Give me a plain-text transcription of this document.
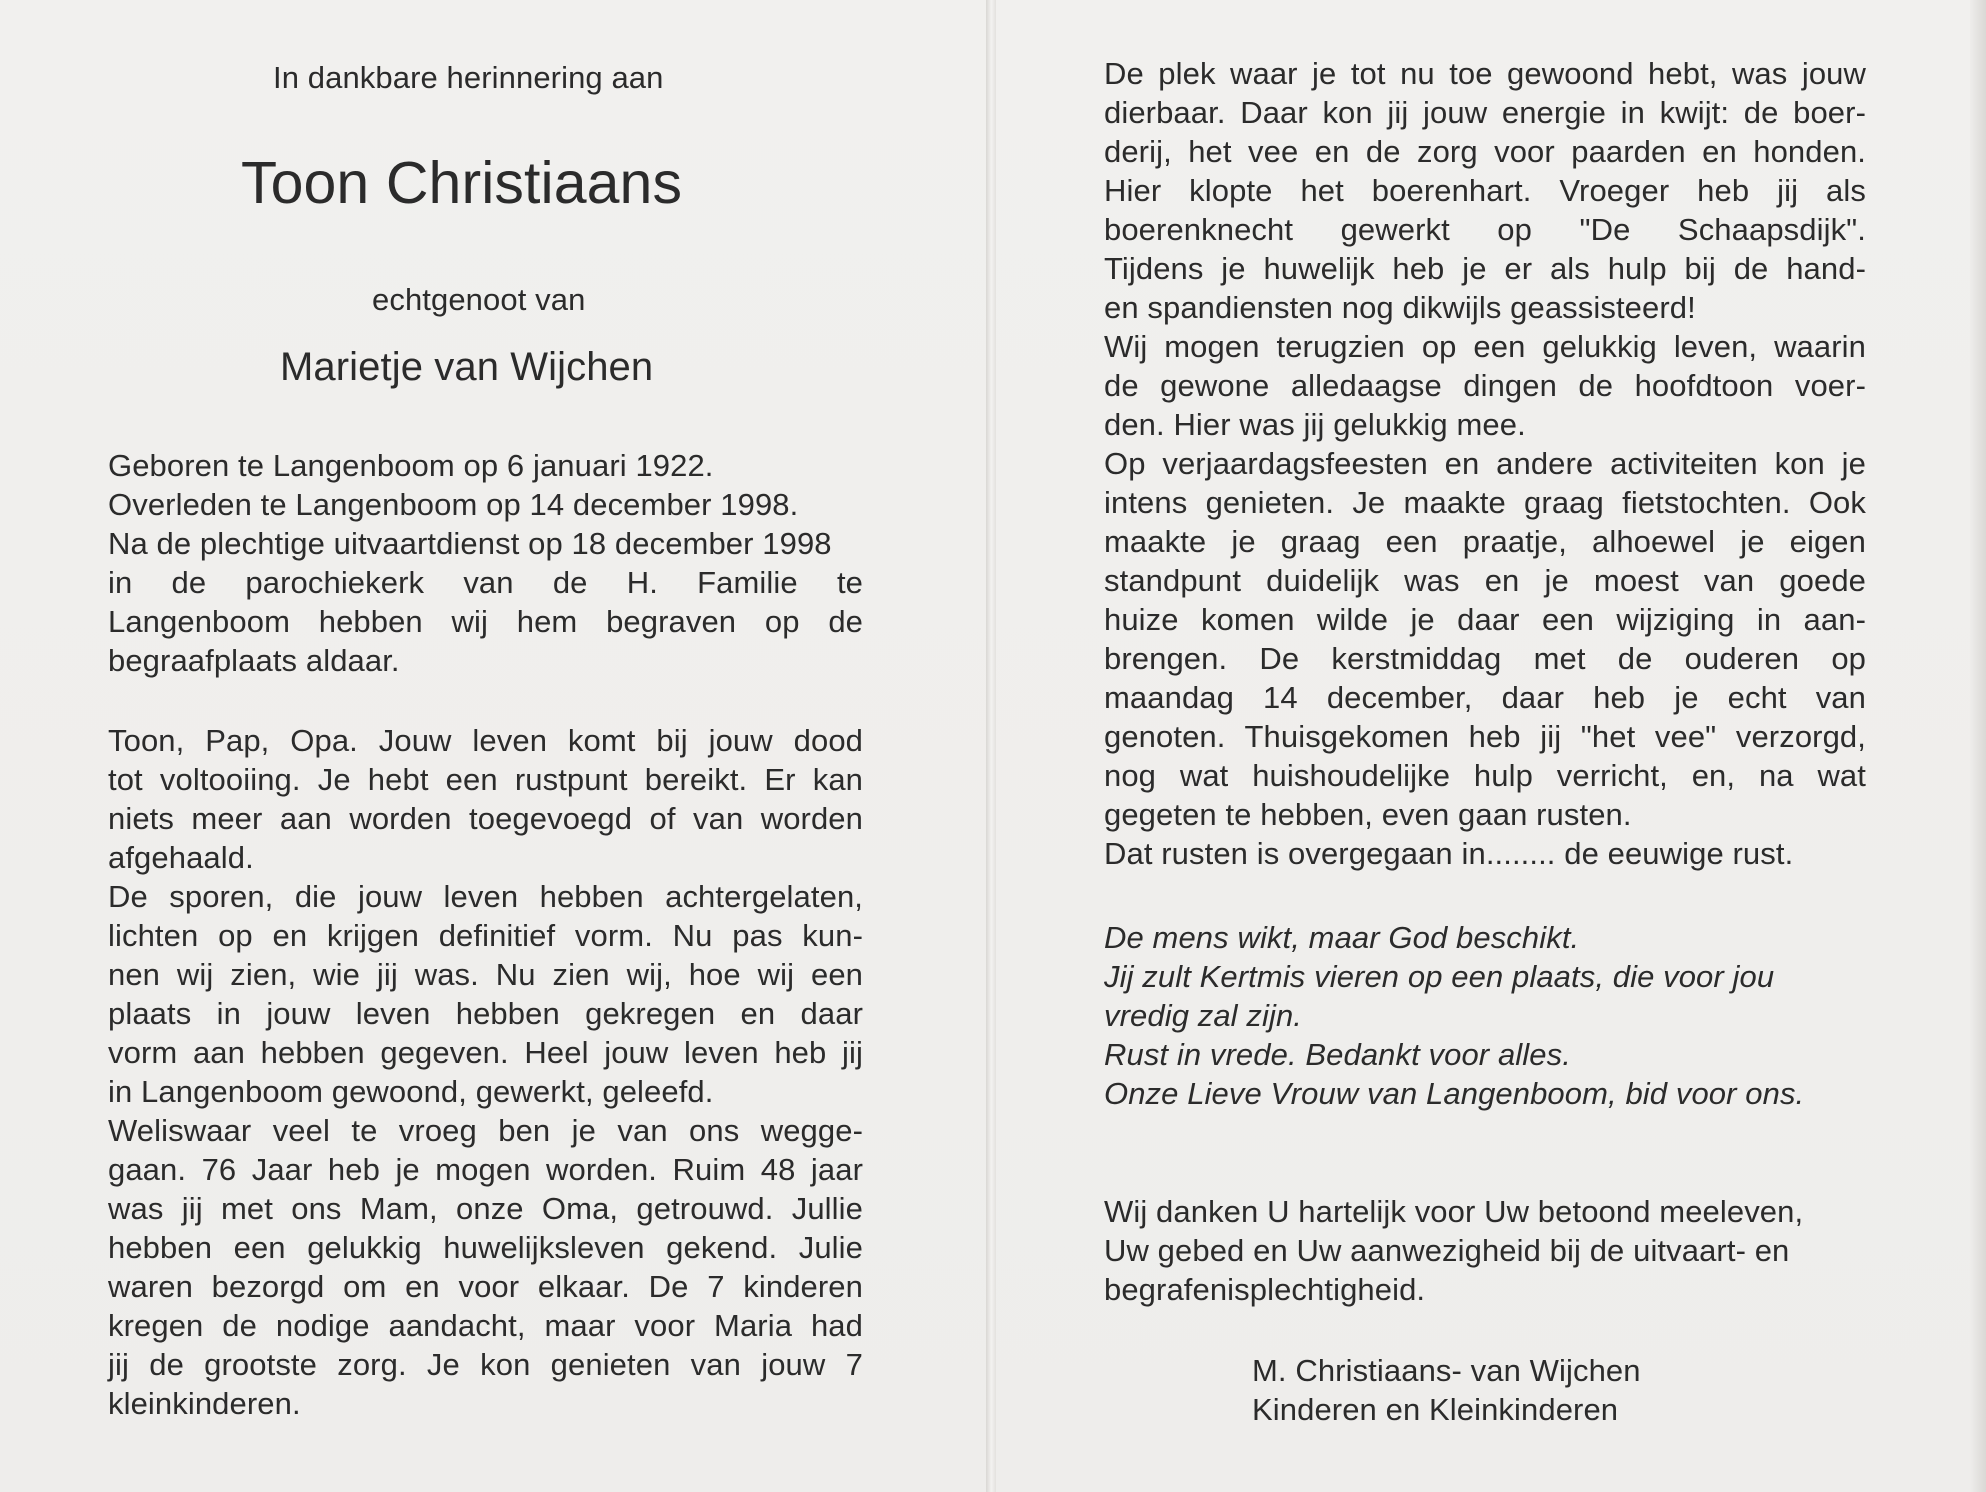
In dankbare herinnering aan
Toon Christiaans
echtgenoot van
Marietje van Wijchen
Geboren te Langenboom op 6 januari 1922.
Overleden te Langenboom op 14 december 1998.
Na de plechtige uitvaartdienst op 18 december 1998
in de parochiekerk van de H. Familie te
Langenboom hebben wij hem begraven op de
begraafplaats aldaar.
Toon, Pap, Opa. Jouw leven komt bij jouw dood
tot voltooiing. Je hebt een rustpunt bereikt. Er kan
niets meer aan worden toegevoegd of van worden
afgehaald.
De sporen, die jouw leven hebben achtergelaten,
lichten op en krijgen definitief vorm. Nu pas kun-
nen wij zien, wie jij was. Nu zien wij, hoe wij een
plaats in jouw leven hebben gekregen en daar
vorm aan hebben gegeven. Heel jouw leven heb jij
in Langenboom gewoond, gewerkt, geleefd.
Weliswaar veel te vroeg ben je van ons wegge-
gaan. 76 Jaar heb je mogen worden. Ruim 48 jaar
was jij met ons Mam, onze Oma, getrouwd. Jullie
hebben een gelukkig huwelijksleven gekend. Julie
waren bezorgd om en voor elkaar. De 7 kinderen
kregen de nodige aandacht, maar voor Maria had
jij de grootste zorg. Je kon genieten van jouw 7
kleinkinderen.
De plek waar je tot nu toe gewoond hebt, was jouw
dierbaar. Daar kon jij jouw energie in kwijt: de boer-
derij, het vee en de zorg voor paarden en honden.
Hier klopte het boerenhart. Vroeger heb jij als
boerenknecht gewerkt op "De Schaapsdijk".
Tijdens je huwelijk heb je er als hulp bij de hand-
en spandiensten nog dikwijls geassisteerd!
Wij mogen terugzien op een gelukkig leven, waarin
de gewone alledaagse dingen de hoofdtoon voer-
den. Hier was jij gelukkig mee.
Op verjaardagsfeesten en andere activiteiten kon je
intens genieten. Je maakte graag fietstochten. Ook
maakte je graag een praatje, alhoewel je eigen
standpunt duidelijk was en je moest van goede
huize komen wilde je daar een wijziging in aan-
brengen. De kerstmiddag met de ouderen op
maandag 14 december, daar heb je echt van
genoten. Thuisgekomen heb jij "het vee" verzorgd,
nog wat huishoudelijke hulp verricht, en, na wat
gegeten te hebben, even gaan rusten.
Dat rusten is overgegaan in........ de eeuwige rust.
De mens wikt, maar God beschikt.
Jij zult Kertmis vieren op een plaats, die voor jou
vredig zal zijn.
Rust in vrede. Bedankt voor alles.
Onze Lieve Vrouw van Langenboom, bid voor ons.
Wij danken U hartelijk voor Uw betoond meeleven,
Uw gebed en Uw aanwezigheid bij de uitvaart- en
begrafenisplechtigheid.
M. Christiaans- van Wijchen
Kinderen en Kleinkinderen
